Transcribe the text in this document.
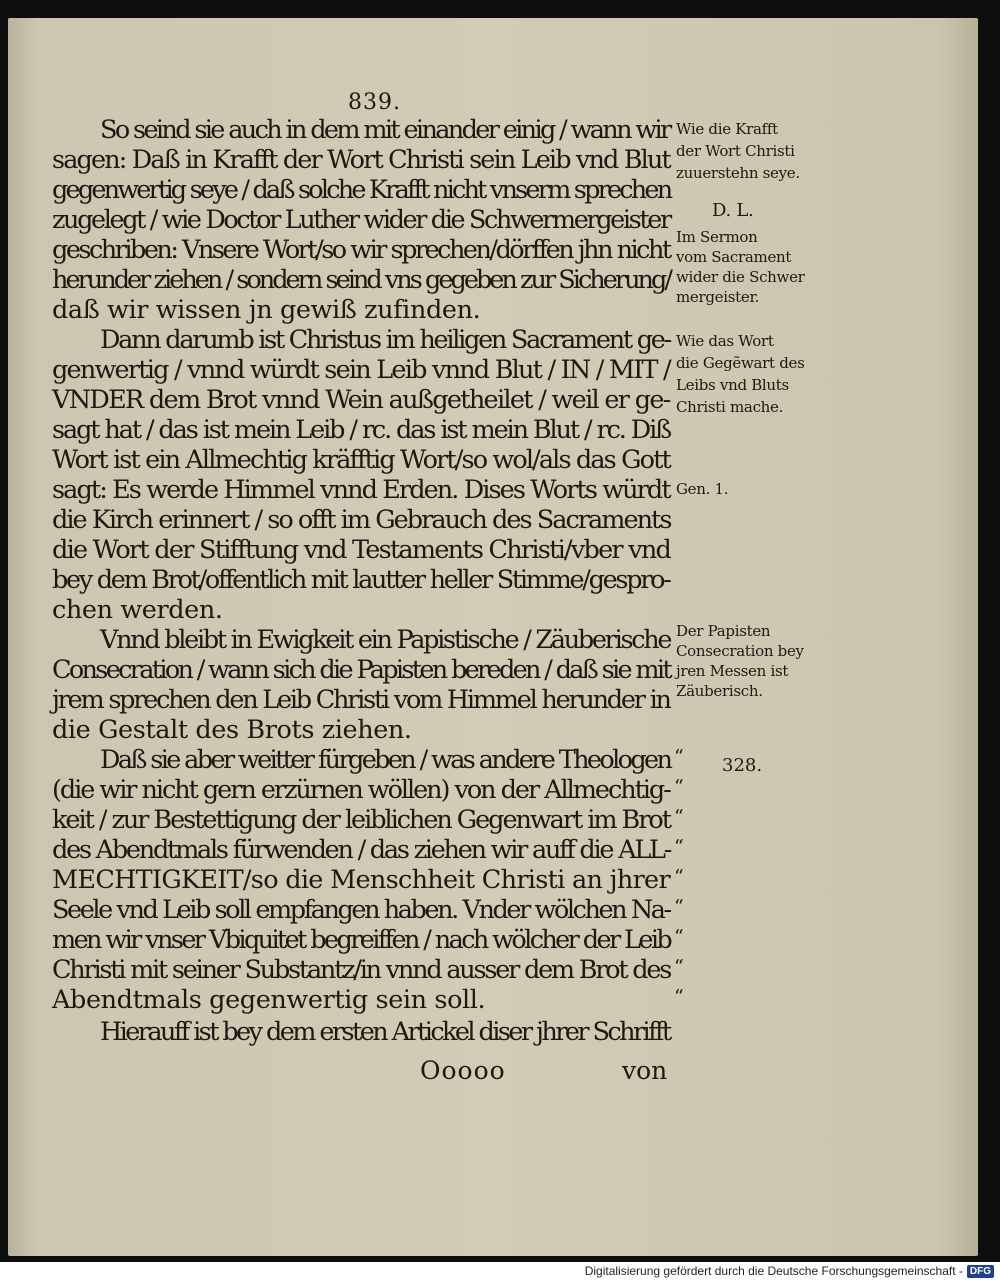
839.
So seind sie auch in dem mit einander einig / wann wir
sagen: Daß in Krafft der Wort Christi sein Leib vnd Blut
gegenwertig seye / daß solche Krafft nicht vnserm sprechen
zugelegt / wie Doctor Luther wider die Schwermergeister
geschriben: Vnsere Wort/so wir sprechen/dörffen jhn nicht
herunder ziehen / sondern seind vns gegeben zur Sicherung/
daß wir wissen jn gewiß zufinden.
Dann darumb ist Christus im heiligen Sacrament ge-
genwertig / vnnd würdt sein Leib vnnd Blut / IN / MIT /
VNDER dem Brot vnnd Wein außgetheilet / weil er ge-
sagt hat / das ist mein Leib / rc. das ist mein Blut / rc. Diß
Wort ist ein Allmechtig kräfftig Wort/so wol/als das Gott
sagt: Es werde Himmel vnnd Erden. Dises Worts würdt
die Kirch erinnert / so offt im Gebrauch des Sacraments
die Wort der Stifftung vnd Testaments Christi/vber vnd
bey dem Brot/offentlich mit lautter heller Stimme/gespro-
chen werden.
Vnnd bleibt in Ewigkeit ein Papistische / Zäuberische
Consecration / wann sich die Papisten bereden / daß sie mit
jrem sprechen den Leib Christi vom Himmel herunder in
die Gestalt des Brots ziehen.
Daß sie aber weitter fürgeben / was andere Theologen
(die wir nicht gern erzürnen wöllen) von der Allmechtig-
keit / zur Bestettigung der leiblichen Gegenwart im Brot
des Abendtmals fürwenden / das ziehen wir auff die ALL-
MECHTIGKEIT/so die Menschheit Christi an jhrer
Seele vnd Leib soll empfangen haben. Vnder wölchen Na-
men wir vnser Vbiquitet begreiffen / nach wölcher der Leib
Christi mit seiner Substantz/in vnnd ausser dem Brot des
Abendtmals gegenwertig sein soll.
Hierauff ist bey dem ersten Artickel diser jhrer Schrifft
“
“
“
“
“
“
“
“
“
Wie die Krafft
der Wort Christi
zuuerstehn seye.
D. L.
Im Sermon
vom Sacrament
wider die Schwer
mergeister.
Wie das Wort
die Gegẽwart des
Leibs vnd Bluts
Christi mache.
Gen. 1.
Der Papisten
Consecration bey
jren Messen ist
Zäuberisch.
328.
Ooooo	von
Digitalisierung gefördert durch die Deutsche Forschungsgemeinschaft - DFG
